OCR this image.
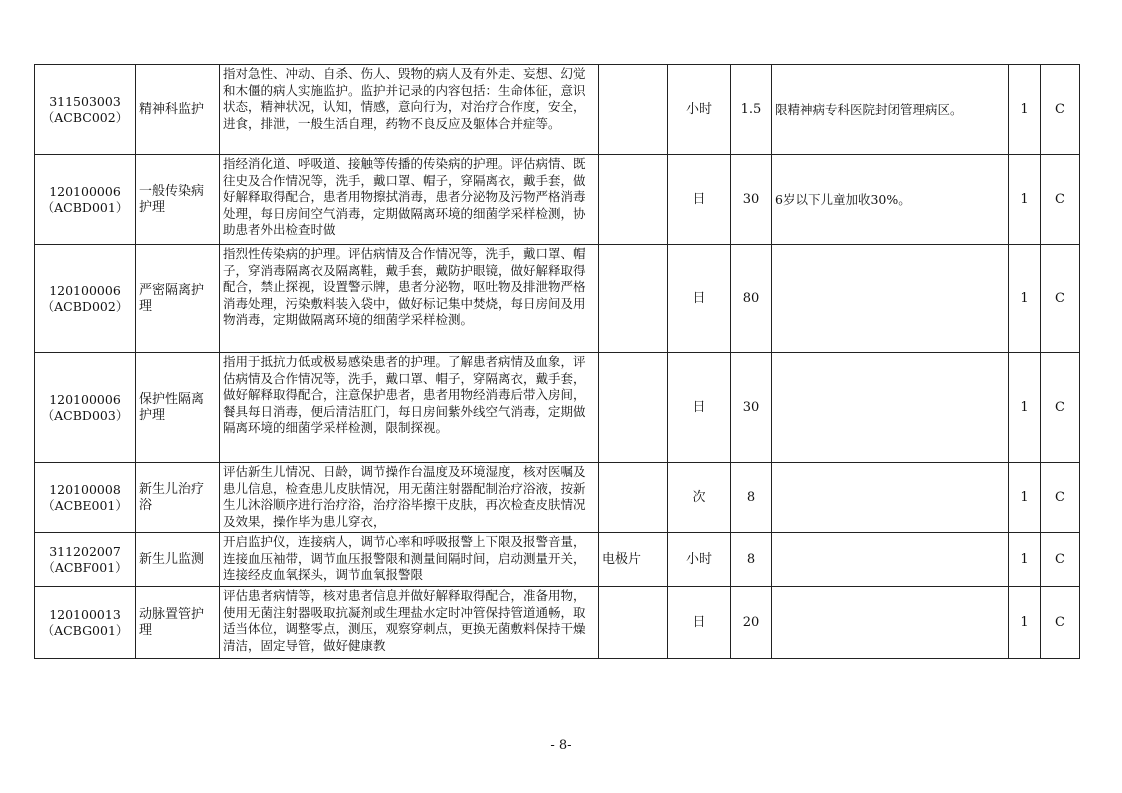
311503003
（ACBC002）	精神科监护	指对急性、冲动、自杀、伤人、毁物的病人及有外走、妄想、幻觉和木僵的病人实施监护。监护并记录的内容包括：生命体征，意识状态，精神状况，认知，情感，意向行为，对治疗合作度，安全，进食，排泄，一般生活自理，药物不良反应及躯体合并症等。		小时	1.5	限精神病专科医院封闭管理病区。	1	C
120100006
（ACBD001）	一般传染病护理	指经消化道、呼吸道、接触等传播的传染病的护理。评估病情、既往史及合作情况等，洗手，戴口罩、帽子，穿隔离衣，戴手套，做好解释取得配合，患者用物擦拭消毒，患者分泌物及污物严格消毒处理，每日房间空气消毒，定期做隔离环境的细菌学采样检测，协助患者外出检查时做		日	30	6岁以下儿童加收30%。	1	C
120100006
（ACBD002）	严密隔离护理	指烈性传染病的护理。评估病情及合作情况等，洗手，戴口罩、帽子，穿消毒隔离衣及隔离鞋，戴手套，戴防护眼镜，做好解释取得配合，禁止探视，设置警示牌，患者分泌物，呕吐物及排泄物严格消毒处理，污染敷料装入袋中，做好标记集中焚烧，每日房间及用物消毒，定期做隔离环境的细菌学采样检测。		日	80		1	C
120100006
（ACBD003）	保护性隔离护理	指用于抵抗力低或极易感染患者的护理。了解患者病情及血象，评估病情及合作情况等，洗手，戴口罩、帽子，穿隔离衣，戴手套，做好解释取得配合，注意保护患者，患者用物经消毒后带入房间，餐具每日消毒，便后清洁肛门，每日房间紫外线空气消毒，定期做隔离环境的细菌学采样检测，限制探视。		日	30		1	C
120100008
（ACBE001）	新生儿治疗浴	评估新生儿情况、日龄，调节操作台温度及环境湿度，核对医嘱及患儿信息，检查患儿皮肤情况，用无菌注射器配制治疗浴液，按新生儿沐浴顺序进行治疗浴，治疗浴毕擦干皮肤，再次检查皮肤情况及效果，操作毕为患儿穿衣，		次	8		1	C
311202007
（ACBF001）	新生儿监测	开启监护仪，连接病人，调节心率和呼吸报警上下限及报警音量，连接血压袖带，调节血压报警限和测量间隔时间，启动测量开关，连接经皮血氧探头，调节血氧报警限	电极片	小时	8		1	C
120100013
（ACBG001）	动脉置管护理	评估患者病情等，核对患者信息并做好解释取得配合，准备用物，使用无菌注射器吸取抗凝剂或生理盐水定时冲管保持管道通畅，取适当体位，调整零点，测压，观察穿刺点，更换无菌敷料保持干燥清洁，固定导管，做好健康教		日	20		1	C
- 8-
